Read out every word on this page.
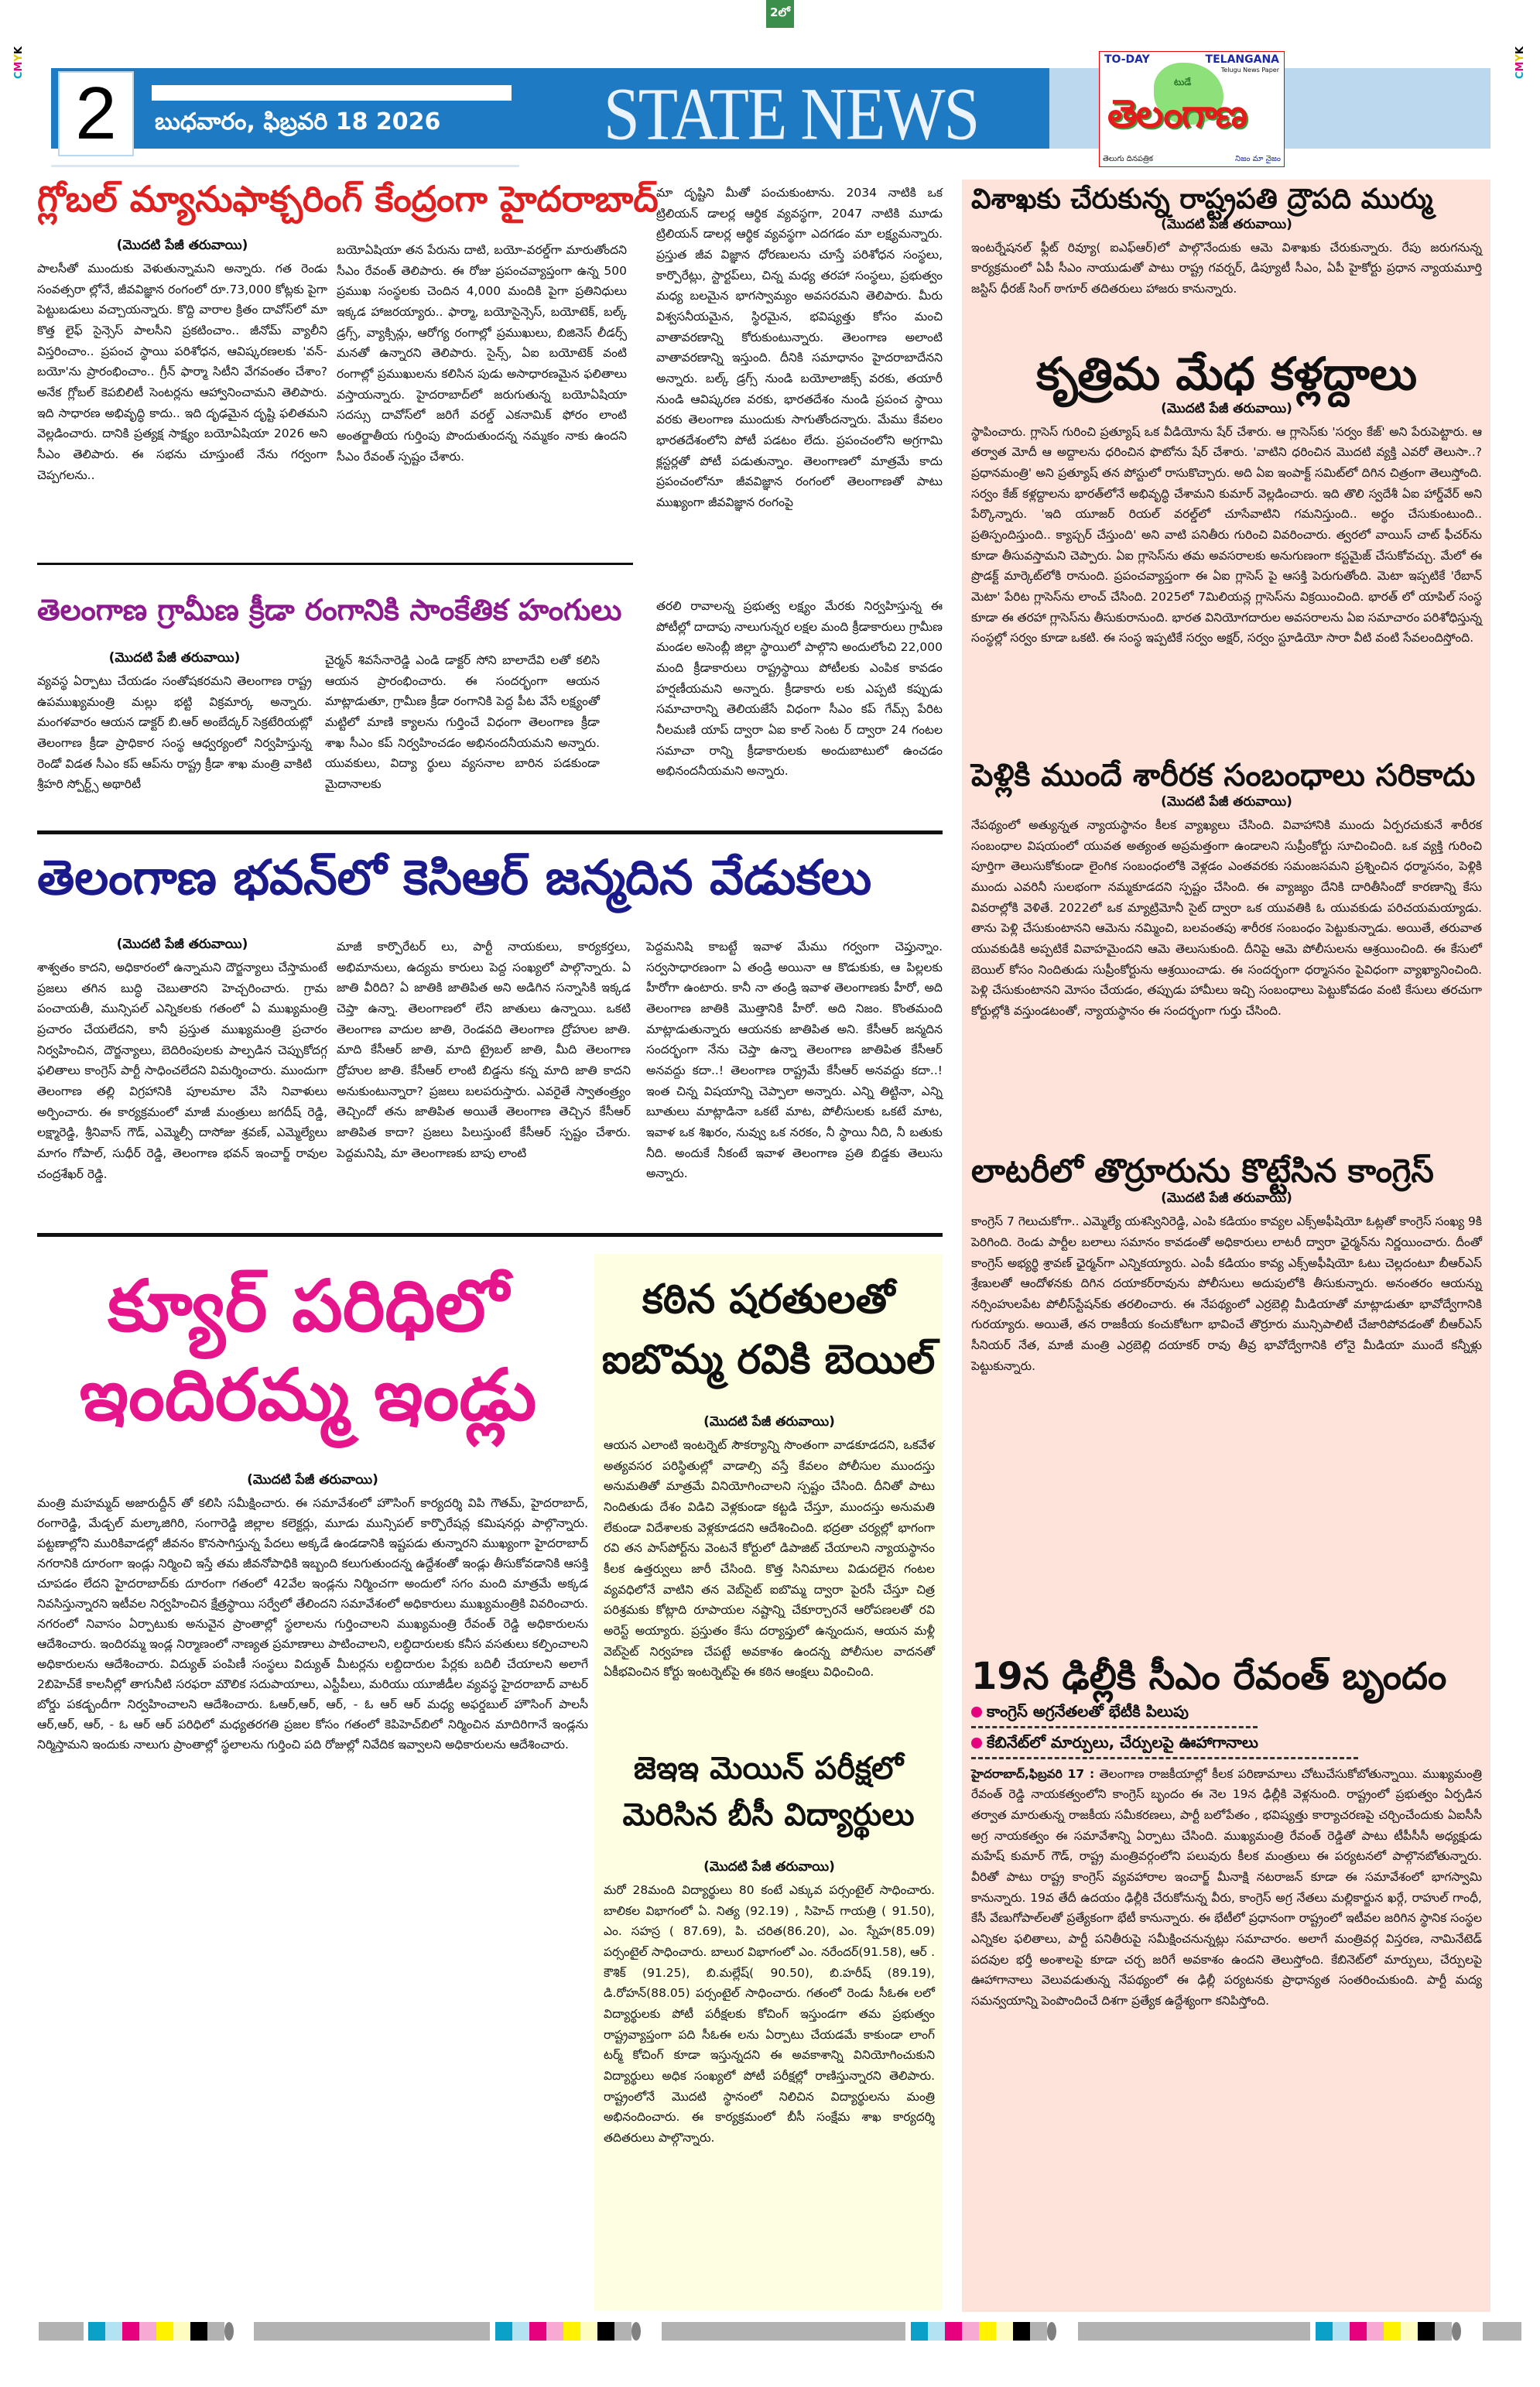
2లో
CMYK
CMYK
2	బుధవారం, ఫిబ్రవరి 18 2026	STATE NEWS
TO-DAY	TELANGANA
Telugu News Paper
టుడే
తెలంగాణ
తెలుగు దినపత్రిక	నిజం మా నైజం
గ్లోబల్ మ్యానుఫాక్చరింగ్ కేంద్రంగా హైదరాబాద్
(మొదటి పేజీ తరువాయి)
పాలసీతో ముందుకు వెళుతున్నామని అన్నారు. గత రెండు సంవత్సరా ల్లోనే, జీవవిజ్ఞాన రంగంలో రూ.73,000 కోట్లకు పైగా పెట్టుబడులు వచ్చాయన్నారు. కొద్ది వారాల క్రితం దావోస్‌లో మా కొత్త లైఫ్ సైన్సెస్ పాలసీని ప్రకటించాం.. జీనోమ్ వ్యాలీని విస్తరించాం.. ప్రపంచ స్థాయి పరిశోధన, ఆవిష్కరణలకు 'వన్-బయో'ను ప్రారంభించాం.. గ్రీన్ ఫార్మా సిటీని వేగవంతం చేశాం? అనేక గ్లోబల్ కెపబిలిటీ సెంటర్లను ఆహ్వానించామని తెలిపారు. ఇది సాధారణ అభివృద్ధి కాదు.. ఇది దృఢమైన దృష్టి ఫలితమని వెల్లడించారు. దానికి ప్రత్యక్ష సాక్ష్యం బయోఏషియా 2026 అని సీఎం తెలిపారు. ఈ సభను చూస్తుంటే నేను గర్వంగా చెప్పగలను..
బయోఏషియా తన పేరును దాటి, బయో-వరల్డ్‌గా మారుతోందని సీఎం రేవంత్ తెలిపారు. ఈ రోజు ప్రపంచవ్యాప్తంగా ఉన్న 500 ప్రముఖ సంస్థలకు చెందిన 4,000 మందికి పైగా ప్రతినిధులు ఇక్కడ హాజరయ్యారు.. ఫార్మా, బయోసైన్సెస్, బయోటెక్, బల్క్ డ్రగ్స్, వ్యాక్సిన్లు, ఆరోగ్య రంగాల్లో ప్రముఖులు, బిజినెస్ లీడర్స్ మనతో ఉన్నారని తెలిపారు. సైన్స్, ఏఐ బయోటెక్ వంటి రంగాల్లో ప్రముఖులను కలిసిన పుడు అసాధారణమైన ఫలితాలు వస్తాయన్నారు. హైదరాబాద్‌లో జరుగుతున్న బయోఏషియా సదస్సు దావోస్‌లో జరిగే వరల్డ్ ఎకనామిక్ ఫోరం లాంటి అంతర్జాతీయ గుర్తింపు పొందుతుందన్న నమ్మకం నాకు ఉందని సీఎం రేవంత్ స్పష్టం చేశారు.
మా దృష్టిని మీతో పంచుకుంటాను. 2034 నాటికి ఒక ట్రిలియన్ డాలర్ల ఆర్థిక వ్యవస్థగా, 2047 నాటికి మూడు ట్రిలియన్ డాలర్ల ఆర్థిక వ్యవస్థగా ఎదగడం మా లక్ష్యమన్నారు. ప్రస్తుత జీవ విజ్ఞాన ధోరణులను చూస్తే పరిశోధన సంస్థలు, కార్పొరేట్లు, స్టార్టప్‌లు, చిన్న మధ్య తరహా సంస్థలు, ప్రభుత్వం మధ్య బలమైన భాగస్వామ్యం అవసరమని తెలిపారు. మీరు విశ్వసనీయమైన, స్థిరమైన, భవిష్యత్తు కోసం మంచి వాతావరణాన్ని కోరుకుంటున్నారు. తెలంగాణ అలాంటి వాతావరణాన్ని ఇస్తుంది. దీనికి సమాధానం హైదరాబాదేనని అన్నారు. బల్క్ డ్రగ్స్ నుండి బయోలాజిక్స్ వరకు, తయారీ నుండి ఆవిష్కరణ వరకు, భారతదేశం నుండి ప్రపంచ స్థాయి వరకు తెలంగాణ ముందుకు సాగుతోందన్నారు. మేము కేవలం భారతదేశంలోని పోటీ పడటం లేదు. ప్రపంచంలోని అగ్రగామి క్లస్టర్లతో పోటీ పడుతున్నాం. తెలంగాణలో మాత్రమే కాదు ప్రపంచంలోనూ జీవవిజ్ఞాన రంగంలో తెలంగాణతో పాటు ముఖ్యంగా జీవవిజ్ఞాన రంగంపై
తెలంగాణ గ్రామీణ క్రీడా రంగానికి సాంకేతిక హంగులు
(మొదటి పేజీ తరువాయి)
వ్యవస్థ ఏర్పాటు చేయడం సంతోషకరమని తెలంగాణ రాష్ట్ర ఉపముఖ్యమంత్రి మల్లు భట్టి విక్రమార్క అన్నారు. మంగళవారం ఆయన డాక్టర్ బి.ఆర్ అంబేద్కర్ సెక్రటేరియట్లో తెలంగాణ క్రీడా ప్రాధికార సంస్థ ఆధ్వర్యంలో నిర్వహిస్తున్న రెండో విడత సీఎం కప్ ఆప్‌ను రాష్ట్ర క్రీడా శాఖ మంత్రి వాకిటి శ్రీహరి స్పోర్ట్స్ అథారిటీ
చైర్మన్ శివసేనారెడ్డి ఎండి డాక్టర్ సోని బాలాదేవి లతో కలిసి ఆయన ప్రారంభించారు. ఈ సందర్భంగా ఆయన మాట్లాడుతూ, గ్రామీణ క్రీడా రంగానికి పెద్ద పీట వేసే లక్ష్యంతో మట్టిలో మాణి క్యాలను గుర్తించే విధంగా తెలంగాణ క్రీడా శాఖ సీఎం కప్ నిర్వహించడం అభినందనీయమని అన్నారు. యువకులు, విద్యా ర్థులు వ్యసనాల బారిన పడకుండా మైదానాలకు
తరలి రావాలన్న ప్రభుత్వ లక్ష్యం మేరకు నిర్వహిస్తున్న ఈ పోటీల్లో దాదాపు నాలుగున్నర లక్షల మంది క్రీడాకారులు గ్రామీణ మండల అసెంబ్లీ జిల్లా స్థాయిలో పాల్గొని అందులోంచి 22,000 మంది క్రీడాకారులు రాష్ట్రస్థాయి పోటీలకు ఎంపిక కావడం హర్షణీయమని అన్నారు. క్రీడాకారు లకు ఎప్పటి కప్పుడు సమాచారాన్ని తెలియజేసే విధంగా సీఎం కప్ గేమ్స్ పేరిట నీలమణి యాప్ ద్వారా ఏఐ కాల్ సెంట ర్ ద్వారా 24 గంటల సమాచా రాన్ని క్రీడాకారులకు అందుబాటులో ఉంచడం అభినందనీయమని అన్నారు.
తెలంగాణ భవన్‌లో కెసిఆర్ జన్మదిన వేడుకలు
(మొదటి పేజీ తరువాయి)
శాశ్వతం కాదని, అధికారంలో ఉన్నామని దౌర్జన్యాలు చేస్తామంటే ప్రజలు తగిన బుద్ధి చెబుతారని హెచ్చరించారు. గ్రామ పంచాయతీ, మున్సిపల్ ఎన్నికలకు గతంలో ఏ ముఖ్యమంత్రి ప్రచారం చేయలేదని, కానీ ప్రస్తుత ముఖ్యమంత్రి ప్రచారం నిర్వహించిన, దౌర్జన్యాలు, బెదిరింపులకు పాల్పడిన చెప్పుకోదగ్గ ఫలితాలు కాంగ్రెస్ పార్టీ సాధించలేదని విమర్శించారు. ముందుగా తెలంగాణ తల్లి విగ్రహానికి పూలమాల వేసి నివాళులు అర్పించారు. ఈ కార్యక్రమంలో మాజీ మంత్రులు జగదీష్ రెడ్డి, లక్ష్మారెడ్డి, శ్రీనివాస్ గౌడ్, ఎమ్మెల్సీ దాసోజు శ్రవణ్, ఎమ్మెల్యేలు మాగం గోపాల్, సుధీర్ రెడ్డి, తెలంగాణ భవన్ ఇంచార్జ్ రావుల చంద్రశేఖర్ రెడ్డి.
మాజీ కార్పొరేటర్ లు, పార్టీ నాయకులు, కార్యకర్తలు, అభిమానులు, ఉద్యమ కారులు పెద్ద సంఖ్యలో పాల్గొన్నారు. ఏ జాతి వీరిది? ఏ జాతికి జాతిపిత అని అడిగిన సన్నాసికి ఇక్కడ చెప్తా ఉన్నా. తెలంగాణలో లేని జాతులు ఉన్నాయి. ఒకటి తెలంగాణ వాదుల జాతి, రెండవది తెలంగాణ ద్రోహుల జాతి. మాది కేసీఆర్ జాతి, మాది ట్రైబల్ జాతి, మీది తెలంగాణ ద్రోహుల జాతి. కేసీఆర్ లాంటి బిడ్డను కన్న మాది జాతి కాదని అనుకుంటున్నారా? ప్రజలు బలపరుస్తారు. ఎవరైతే స్వాతంత్ర్యం తెచ్చిందో తను జాతిపిత అయితే తెలంగాణ తెచ్చిన కేసీఆర్ జాతిపిత కాదా? ప్రజలు పిలుస్తుంటే కేసీఆర్ స్పష్టం చేశారు. పెద్దమనిషి, మా తెలంగాణకు బాపు లాంటి
పెద్దమనిషి కాబట్టే ఇవాళ మేము గర్వంగా చెప్తున్నాం. సర్వసాధారణంగా ఏ తండ్రి అయినా ఆ కొడుకుకు, ఆ పిల్లలకు హీరోగా ఉంటారు. కానీ నా తండ్రి ఇవాళ తెలంగాణకు హీరో, అది తెలంగాణ జాతికి మొత్తానికి హీరో. అది నిజం. కొంతమంది మాట్లాడుతున్నారు ఆయనకు జాతిపిత అని. కేసీఆర్ జన్మదిన సందర్భంగా నేను చెప్తా ఉన్నా తెలంగాణ జాతిపిత కేసీఆర్ అనవద్దు కదా..! తెలంగాణ రాష్ట్రమే కేసీఆర్ అనవద్దు కదా..! ఇంత చిన్న విషయాన్ని చెప్పాలా అన్నారు. ఎన్ని తిట్టినా, ఎన్ని బూతులు మాట్లాడినా ఒకటే మాట, పోలీసులకు ఒకటే మాట, ఇవాళ ఒక శిఖరం, నువ్వు ఒక నరకం, నీ స్థాయి నీది, నీ బతుకు నీది. అందుకే నీకంటే ఇవాళ తెలంగాణ ప్రతి బిడ్డకు తెలుసు అన్నారు.
క్యూర్ పరిధిలో
ఇందిరమ్మ ఇండ్లు
(మొదటి పేజీ తరువాయి)
మంత్రి మహమ్మద్ అజారుద్దీన్ తో కలిసి సమీక్షించారు. ఈ సమావేశంలో హౌసింగ్ కార్యదర్శి విపి గౌతమ్, హైదరాబాద్, రంగారెడ్డి, మేడ్చల్ మల్కాజిగిరి, సంగారెడ్డి జిల్లాల కలెక్టర్లు, మూడు మున్సిపల్ కార్పొరేషన్ల కమిషనర్లు పాల్గొన్నారు. పట్టణాల్లోని మురికివాడల్లో జీవనం కొనసాగిస్తున్న పేదలు అక్కడే ఉండడానికి ఇష్టపడు తున్నారని ముఖ్యంగా హైదరాబాద్ నగరానికి దూరంగా ఇండ్లు నిర్మించి ఇస్తే తమ జీవనోపాధికి ఇబ్బంది కలుగుతుందన్న ఉద్దేశంతో ఇండ్లు తీసుకోవడానికి ఆసక్తి చూపడం లేదని హైదరాబాద్‌కు దూరంగా గతంలో 42వేల ఇండ్లను నిర్మించగా అందులో సగం మంది మాత్రమే అక్కడ నివసిస్తున్నారని ఇటీవల నిర్వహించిన క్షేత్రస్థాయి సర్వేలో తేలిందని సమావేశంలో అధికారులు ముఖ్యమంత్రికి వివరించారు. నగరంలో నివాసం ఏర్పాటుకు అనువైన ప్రాంతాల్లో స్థలాలను గుర్తించాలని ముఖ్యమంత్రి రేవంత్ రెడ్డి అధికారులను ఆదేశించారు. ఇందిరమ్మ ఇండ్ల నిర్మాణంలో నాణ్యత ప్రమాణాలు పాటించాలని, లబ్ధిదారులకు కనీస వసతులు కల్పించాలని అధికారులను ఆదేశించారు. విద్యుత్ పంపిణీ సంస్థలు విద్యుత్ మీటర్లను లబ్దిదారుల పేర్లకు బదిలీ చేయాలని అలాగే 2బిహెచ్‌కే కాలనీల్లో తాగునీటి సరఫరా మౌలిక సదుపాయాలు, ఎస్టీపీలు, మరియు యూజీడీల వ్యవస్థ హైదరాబాద్ వాటర్ బోర్డు పకడ్బందీగా నిర్వహించాలని ఆదేశించారు. ఓఆర్,ఆర్, ఆర్, - ఓ ఆర్ ఆర్ మధ్య అఫర్డబుల్ హౌసింగ్ పాలసీ ఆర్,ఆర్, ఆర్, - ఓ ఆర్ ఆర్ పరిధిలో మధ్యతరగతి ప్రజల కోసం గతంలో కెపిహెచ్‌బిలో నిర్మించిన మాదిరిగానే ఇండ్లను నిర్మిస్తామని ఇందుకు నాలుగు ప్రాంతాల్లో స్థలాలను గుర్తించి పది రోజుల్లో నివేదిక ఇవ్వాలని అధికారులను ఆదేశించారు.
కఠిన షరతులతో
ఐబొమ్మ రవికి బెయిల్
(మొదటి పేజీ తరువాయి)
ఆయన ఎలాంటి ఇంటర్నెట్ సౌకర్యాన్ని సొంతంగా వాడకూడదని, ఒకవేళ అత్యవసర పరిస్థితుల్లో వాడాల్సి వస్తే కేవలం పోలీసుల ముందస్తు అనుమతితో మాత్రమే వినియోగించాలని స్పష్టం చేసింది. దీనితో పాటు నిందితుడు దేశం విడిచి వెళ్లకుండా కట్టడి చేస్తూ, ముందస్తు అనుమతి లేకుండా విదేశాలకు వెళ్లకూడదని ఆదేశించింది. భద్రతా చర్యల్లో భాగంగా రవి తన పాస్‌పోర్ట్‌ను వెంటనే కోర్టులో డిపాజిట్ చేయాలని న్యాయస్థానం కీలక ఉత్తర్వులు జారీ చేసింది. కొత్త సినిమాలు విడుదలైన గంటల వ్యవధిలోనే వాటిని తన వెబ్‌సైట్ ఐబొమ్మ ద్వారా పైరసీ చేస్తూ చిత్ర పరిశ్రమకు కోట్లాది రూపాయల నష్టాన్ని చేకూర్చారనే ఆరోపణలతో రవి అరెస్ట్ అయ్యారు. ప్రస్తుతం కేసు దర్యాప్తులో ఉన్నందున, ఆయన మళ్లీ వెబ్‌సైట్ నిర్వహణ చేపట్టే అవకాశం ఉందన్న పోలీసుల వాదనతో ఏకీభవించిన కోర్టు ఇంటర్నెట్‌పై ఈ కఠిన ఆంక్షలు విధించింది.
జెఇఇ మెయిన్ పరీక్షలో
మెరిసిన బీసీ విద్యార్థులు
(మొదటి పేజీ తరువాయి)
మరో 28మంది విద్యార్థులు 80 కంటే ఎక్కువ పర్సంటైల్ సాధించారు. బాలికల విభాగంలో ఏ. నిత్య (92.19) , సిహెచ్ గాయత్రి ( 91.50), ఎం. సహస్ర ( 87.69), పి. చరిత(86.20), ఎం. స్నేహ(85.09) పర్సంటైల్ సాధించారు. బాలుర విభాగంలో ఎం. నరేందర్(91.58), ఆర్ . కౌశిక్ (91.25), బి.మల్లేష్( 90.50), బి.హరీష్ (89.19), డి.రోహన్(88.05) పర్సంటైల్ సాధించారు. గతంలో రెండు సీఓఈ లలో విద్యార్థులకు పోటీ పరీక్షలకు కోచింగ్ ఇస్తుండగా తమ ప్రభుత్వం రాష్ట్రవ్యాప్తంగా పది సీఓఈ లను ఏర్పాటు చేయడమే కాకుండా లాంగ్ టర్మ్ కోచింగ్ కూడా ఇస్తున్నదని ఈ అవకాశాన్ని వినియోగించుకుని విద్యార్థులు అధిక సంఖ్యలో పోటీ పరీక్షల్లో రాణిస్తున్నారని తెలిపారు. రాష్ట్రంలోనే మొదటి స్థానంలో నిలిచిన విద్యార్థులను మంత్రి అభినందించారు. ఈ కార్యక్రమంలో బీసీ సంక్షేమ శాఖ కార్యదర్శి తదితరులు పాల్గొన్నారు.
విశాఖకు చేరుకున్న రాష్ట్రపతి ద్రౌపది ముర్ము
(మొదటి పేజీ తరువాయి)
ఇంటర్నేషనల్ ఫ్లీట్ రివ్యూ( ఐఎఫ్ఆర్)లో పాల్గొనేందుకు ఆమె విశాఖకు చేరుకున్నారు. రేపు జరుగనున్న కార్యక్రమంలో ఏపీ సీఎం నాయుడుతో పాటు రాష్ట్ర గవర్నర్, డిప్యూటీ సీఎం, ఏపీ హైకోర్టు ప్రధాన న్యాయమూర్తి జస్టిస్ ధీరజ్ సింగ్ ఠాగూర్ తదితరులు హాజరు కానున్నారు.
కృత్రిమ మేధ కళ్లద్దాలు
(మొదటి పేజీ తరువాయి)
స్థాపించారు. గ్లాసెస్ గురించి ప్రత్యూష్ ఒక వీడియోను షేర్ చేశారు. ఆ గ్లాసెస్‌కు 'సర్వం కేజ్' అని పేరుపెట్టారు. ఆ తర్వాత మోదీ ఆ అద్దాలను ధరించిన ఫొటోను షేర్ చేశారు. 'వాటిని ధరించిన మొదటి వ్యక్తి ఎవరో తెలుసా..? ప్రధానమంత్రి' అని ప్రత్యూష్ తన పోస్టులో రాసుకొచ్చారు. అది ఏఐ ఇంపాక్ట్ సమిట్‌లో దిగిన చిత్రంగా తెలుస్తోంది. సర్వం కేజ్ కళ్లద్దాలను భారత్‌లోనే అభివృద్ధి చేశామని కుమార్ వెల్లడించారు. ఇది తొలి స్వదేశీ ఏఐ హార్డ్‌వేర్ అని పేర్కొన్నారు. 'ఇది యూజర్ రియల్ వరల్డ్‌లో చూసేవాటిని గమనిస్తుంది.. అర్థం చేసుకుంటుంది.. ప్రతిస్పందిస్తుంది.. క్యాప్చర్ చేస్తుంది' అని వాటి పనితీరు గురించి వివరించారు. త్వరలో వాయిస్ చాట్ ఫీచర్‌ను కూడా తీసువస్తామని చెప్పారు. ఏఐ గ్లాసెస్‌ను తమ అవసరాలకు అనుగుణంగా కస్టమైజ్ చేసుకోవచ్చు. మేలో ఈ ప్రొడక్ట్ మార్కెట్‌లోకి రానుంది. ప్రపంచవ్యాప్తంగా ఈ ఏఐ గ్లాసెస్ పై ఆసక్తి పెరుగుతోంది. మెటా ఇప్పటికే 'రేబాన్ మెటా' పేరిట గ్లాసెస్‌ను లాంచ్ చేసింది. 2025లో 7మిలియన్ల గ్లాసెస్‌ను విక్రయించింది. భారత్ లో యాపిల్ సంస్థ కూడా ఈ తరహా గ్లాసెస్‌ను తీసుకురానుంది. భారత వినియోగదారుల అవసరాలను ఏఐ సమాచారం పరిశోధిస్తున్న సంస్థల్లో సర్వం కూడా ఒకటి. ఈ సంస్థ ఇప్పటికే సర్వం అక్షర్, సర్వం స్టూడియో సారా వీటి వంటి సేవలందిస్తోంది.
పెళ్లికి ముందే శారీరక సంబంధాలు సరికాదు
(మొదటి పేజీ తరువాయి)
నేపథ్యంలో అత్యున్నత న్యాయస్థానం కీలక వ్యాఖ్యలు చేసింది. వివాహానికి ముందు ఏర్పరచుకునే శారీరక సంబంధాల విషయంలో యువత అత్యంత అప్రమత్తంగా ఉండాలని సుప్రీంకోర్టు సూచించింది. ఒక వ్యక్తి గురించి పూర్తిగా తెలుసుకోకుండా లైంగిక సంబంధంలోకి వెళ్లడం ఎంతవరకు సమంజసమని ప్రశ్నించిన ధర్మాసనం, పెళ్లికి ముందు ఎవరినీ సులభంగా నమ్మకూడదని స్పష్టం చేసింది. ఈ వ్యాజ్యం దేనికి దారితీసిందో కారణాన్ని కేసు వివరాల్లోకి వెళితే. 2022లో ఒక మ్యాట్రిమోనీ సైట్ ద్వారా ఒక యువతికి ఓ యువకుడు పరిచయమయ్యాడు. తాను పెళ్లి చేసుకుంటానని ఆమెను నమ్మించి, బలవంతపు శారీరక సంబంధం పెట్టుకున్నాడు. అయితే, తరువాత యువకుడికి అప్పటికే వివాహమైందని ఆమె తెలుసుకుంది. దీనిపై ఆమె పోలీసులను ఆశ్రయించింది. ఈ కేసులో బెయిల్ కోసం నిందితుడు సుప్రీంకోర్టును ఆశ్రయించాడు. ఈ సందర్భంగా ధర్మాసనం పైవిధంగా వ్యాఖ్యానించింది. పెళ్లి చేసుకుంటానని మోసం చేయడం, తప్పుడు హామీలు ఇచ్చి సంబంధాలు పెట్టుకోవడం వంటి కేసులు తరచుగా కోర్టుల్లోకి వస్తుండటంతో, న్యాయస్థానం ఈ సందర్భంగా గుర్తు చేసింది.
లాటరీలో తొర్రూరును కొట్టేసిన కాంగ్రెస్
(మొదటి పేజీ తరువాయి)
కాంగ్రెస్ 7 గెలుచుకోగా.. ఎమ్మెల్యే యశస్వినిరెడ్డి, ఎంపి కడియం కావ్యల ఎక్స్అఫీషియో ఓట్లతో కాంగ్రెస్ సంఖ్య 9కి పెరిగింది. రెండు పార్టీల బలాలు సమానం కావడంతో అధికారులు లాటరీ ద్వారా ఛైర్మన్‌ను నిర్ణయించారు. దీంతో కాంగ్రెస్ అభ్యర్థి శ్రావణ్ ఛైర్మన్‌గా ఎన్నికయ్యారు. ఎంపీ కడియం కావ్య ఎక్స్అఫీషియో ఓటు చెల్లదంటూ బీఆర్ఎస్ శ్రేణులతో ఆందోళనకు దిగిన దయాకర్‌రావును పోలీసులు అదుపులోకి తీసుకున్నారు. అనంతరం ఆయన్ను నర్సింహులపేట పోలీస్‌స్టేషన్‌కు తరలించారు. ఈ నేపథ్యంలో ఎర్రబెల్లి మీడియాతో మాట్లాడుతూ భావోద్వేగానికి గురయ్యారు. అయితే, తన రాజకీయ కంచుకోటగా భావించే తొర్రూరు మున్సిపాలిటీ చేజారిపోవడంతో బీఆర్ఎస్ సీనియర్ నేత, మాజీ మంత్రి ఎర్రబెల్లి దయాకర్ రావు తీవ్ర భావోద్వేగానికి లోనై మీడియా ముందే కన్నీళ్లు పెట్టుకున్నారు.
19న ఢిల్లీకి సీఎం రేవంత్ బృందం
కాంగ్రెస్ అగ్రనేతలతో భేటీకి పిలుపు
కేబినేట్‌లో మార్పులు, చేర్పులపై ఊహాగానాలు
హైదరాబాద్,ఫిబ్రవరి 17 : తెలంగాణ రాజకీయాల్లో కీలక పరిణామాలు చోటుచేసుకోబోతున్నాయి. ముఖ్యమంత్రి రేవంత్ రెడ్డి నాయకత్వంలోని కాంగ్రెస్ బృందం ఈ నెల 19న ఢిల్లీకి వెళ్లనుంది. రాష్ట్రంలో ప్రభుత్వం ఏర్పడిన తర్వాత మారుతున్న రాజకీయ సమీకరణలు, పార్టీ బలోపేతం , భవిష్యత్తు కార్యాచరణపై చర్చించేందుకు ఏఐసీసీ అగ్ర నాయకత్వం ఈ సమావేశాన్ని ఏర్పాటు చేసింది. ముఖ్యమంత్రి రేవంత్ రెడ్డితో పాటు టీపీసీసీ అధ్యక్షుడు మహేష్ కుమార్ గౌడ్, రాష్ట్ర మంత్రివర్గంలోని పలువురు కీలక మంత్రులు ఈ పర్యటనలో పాల్గొనబోతున్నారు. వీరితో పాటు రాష్ట్ర కాంగ్రెస్ వ్యవహారాల ఇంచార్జ్ మీనాక్షి నటరాజన్ కూడా ఈ సమావేశంలో భాగస్వామి కానున్నారు. 19వ తేదీ ఉదయం ఢిల్లీకి చేరుకోనున్న వీరు, కాంగ్రెస్ అగ్ర నేతలు మల్లికార్జున ఖర్గే, రాహుల్ గాంధీ, కేసీ వేణుగోపాల్‌లతో ప్రత్యేకంగా భేటీ కానున్నారు. ఈ భేటీలో ప్రధానంగా రాష్ట్రంలో ఇటీవల జరిగిన స్థానిక సంస్థల ఎన్నికల ఫలితాలు, పార్టీ పనితీరుపై సమీక్షించనున్నట్లు సమాచారం. అలాగే మంత్రివర్గ విస్తరణ, నామినేటెడ్ పదవుల భర్తీ అంశాలపై కూడా చర్చ జరిగే అవకాశం ఉందని తెలుస్తోంది. కేబినెట్‌లో మార్పులు, చేర్పులపై ఊహాగానాలు వెలువడుతున్న నేపథ్యంలో ఈ ఢిల్లీ పర్యటనకు ప్రాధాన్యత సంతరించుకుంది. పార్టీ మద్య సమన్వయాన్ని పెంపొందించే దిశగా ప్రత్యేక ఉద్దేశ్యంగా కనిపిస్తోంది.
